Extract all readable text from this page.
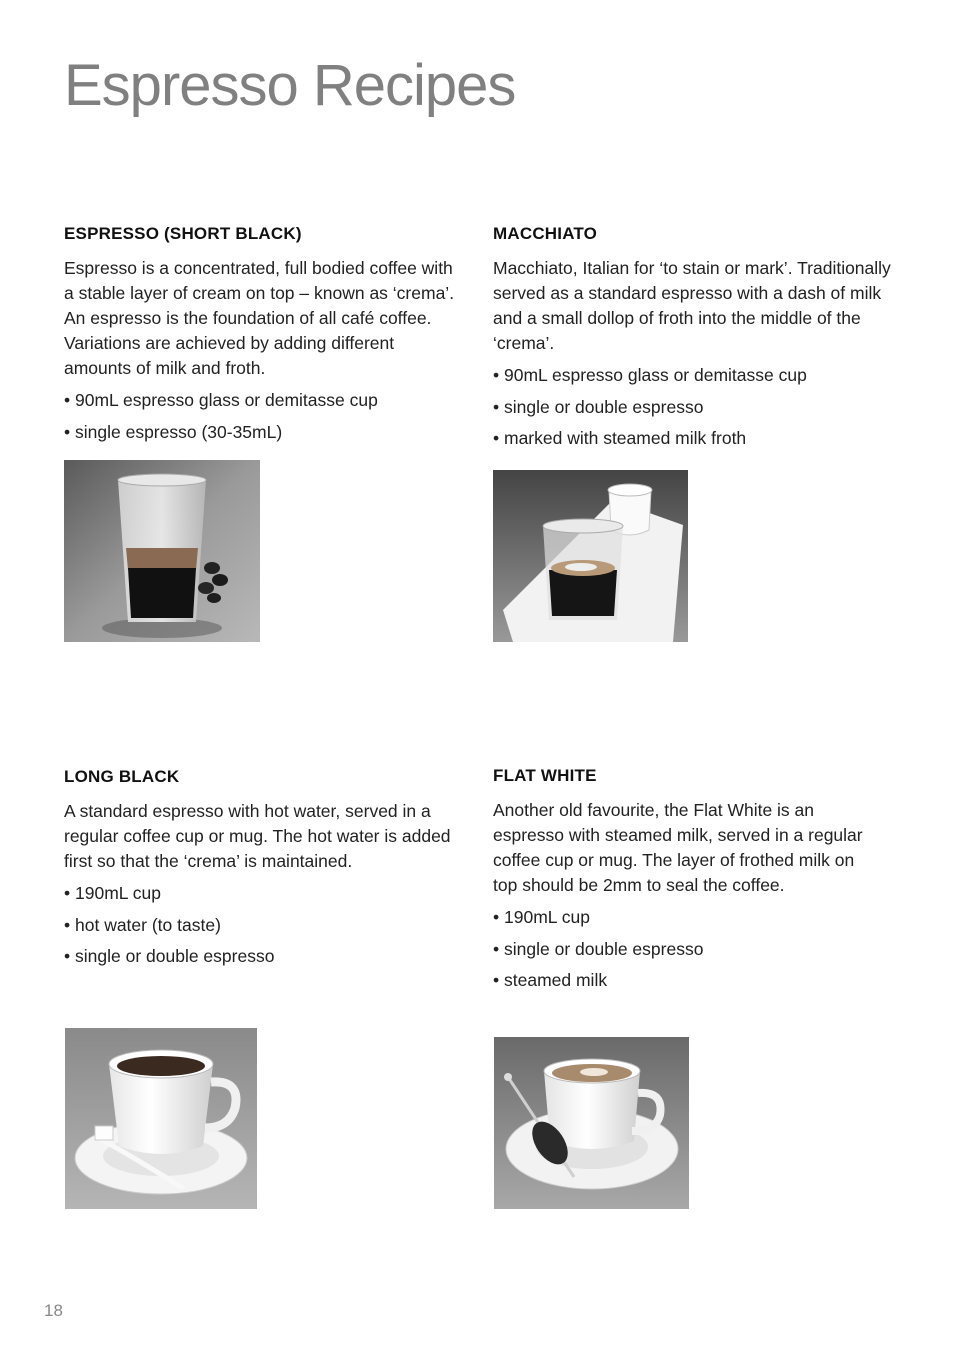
Espresso Recipes
ESPRESSO (SHORT BLACK)

Espresso is a concentrated, full bodied coffee with a stable layer of cream on top – known as ‘crema’. An espresso is the foundation of all café coffee. Variations are achieved by adding different amounts of milk and froth.

• 90mL espresso glass or demitasse cup
• single espresso (30-35mL)
MACCHIATO

Macchiato, Italian for ‘to stain or mark’. Traditionally served as a standard espresso with a dash of milk and a small dollop of froth into the middle of the ‘crema’.

• 90mL espresso glass or demitasse cup
• single or double espresso
• marked with steamed milk froth
LONG BLACK

A standard espresso with hot water, served in a regular coffee cup or mug. The hot water is added first so that the ‘crema’ is maintained.

• 190mL cup
• hot water (to taste)
• single or double espresso
FLAT WHITE

Another old favourite, the Flat White is an espresso with steamed milk, served in a regular coffee cup or mug. The layer of frothed milk on top should be 2mm to seal the coffee.

• 190mL cup
• single or double espresso
• steamed milk
18
